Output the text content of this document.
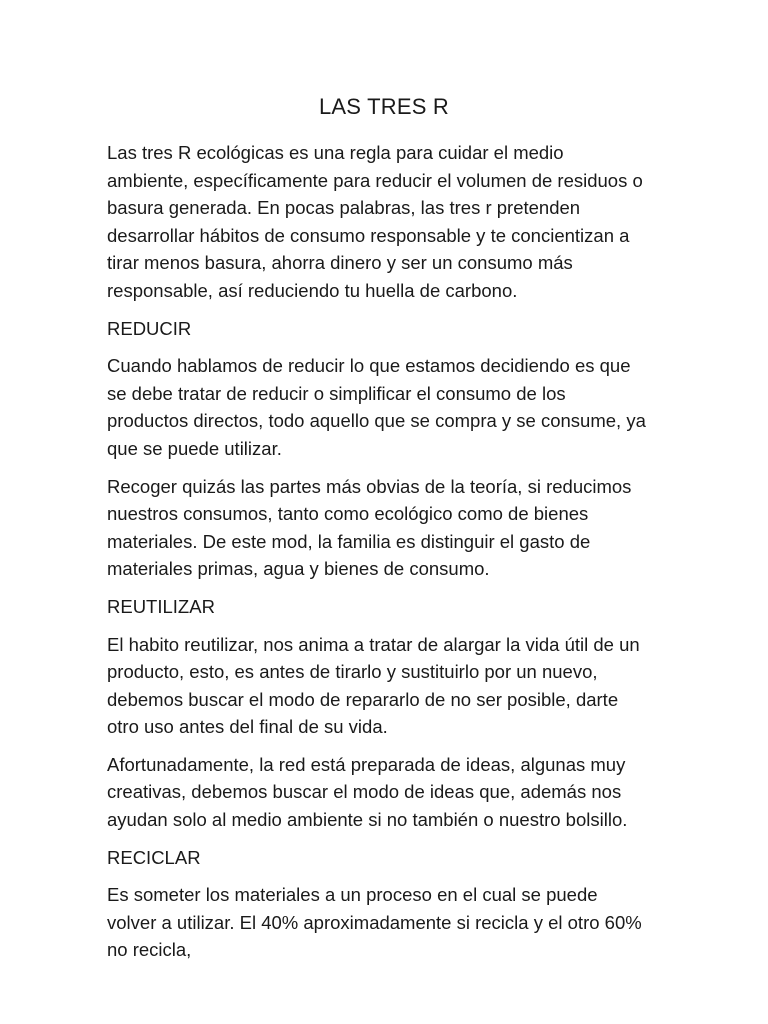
LAS TRES R

Las tres R ecológicas es una regla para cuidar el medio ambiente, específicamente para reducir el volumen de residuos o basura generada. En pocas palabras, las tres r pretenden desarrollar hábitos de consumo responsable y te concientizan a tirar menos basura, ahorra dinero y ser un consumo más responsable, así reduciendo tu huella de carbono.

REDUCIR

Cuando hablamos de reducir lo que estamos decidiendo es que se debe tratar de reducir o simplificar el consumo de los productos directos, todo aquello que se compra y se consume, ya que se puede utilizar.

Recoger quizás las partes más obvias de la teoría, si reducimos nuestros consumos, tanto como ecológico como de bienes materiales. De este mod, la familia es distinguir el gasto de materiales primas, agua y bienes de consumo.

REUTILIZAR

El habito reutilizar, nos anima a tratar de alargar la vida útil de un producto, esto, es antes de tirarlo y sustituirlo por un nuevo, debemos buscar el modo de repararlo de no ser posible, darte otro uso antes del final de su vida.

Afortunadamente, la red está preparada de ideas, algunas muy creativas, debemos buscar el modo de ideas que, además nos ayudan solo al medio ambiente si no también o nuestro bolsillo.

RECICLAR

Es someter los materiales a un proceso en el cual se puede volver a utilizar. El 40% aproximadamente si recicla y el otro 60% no recicla,
